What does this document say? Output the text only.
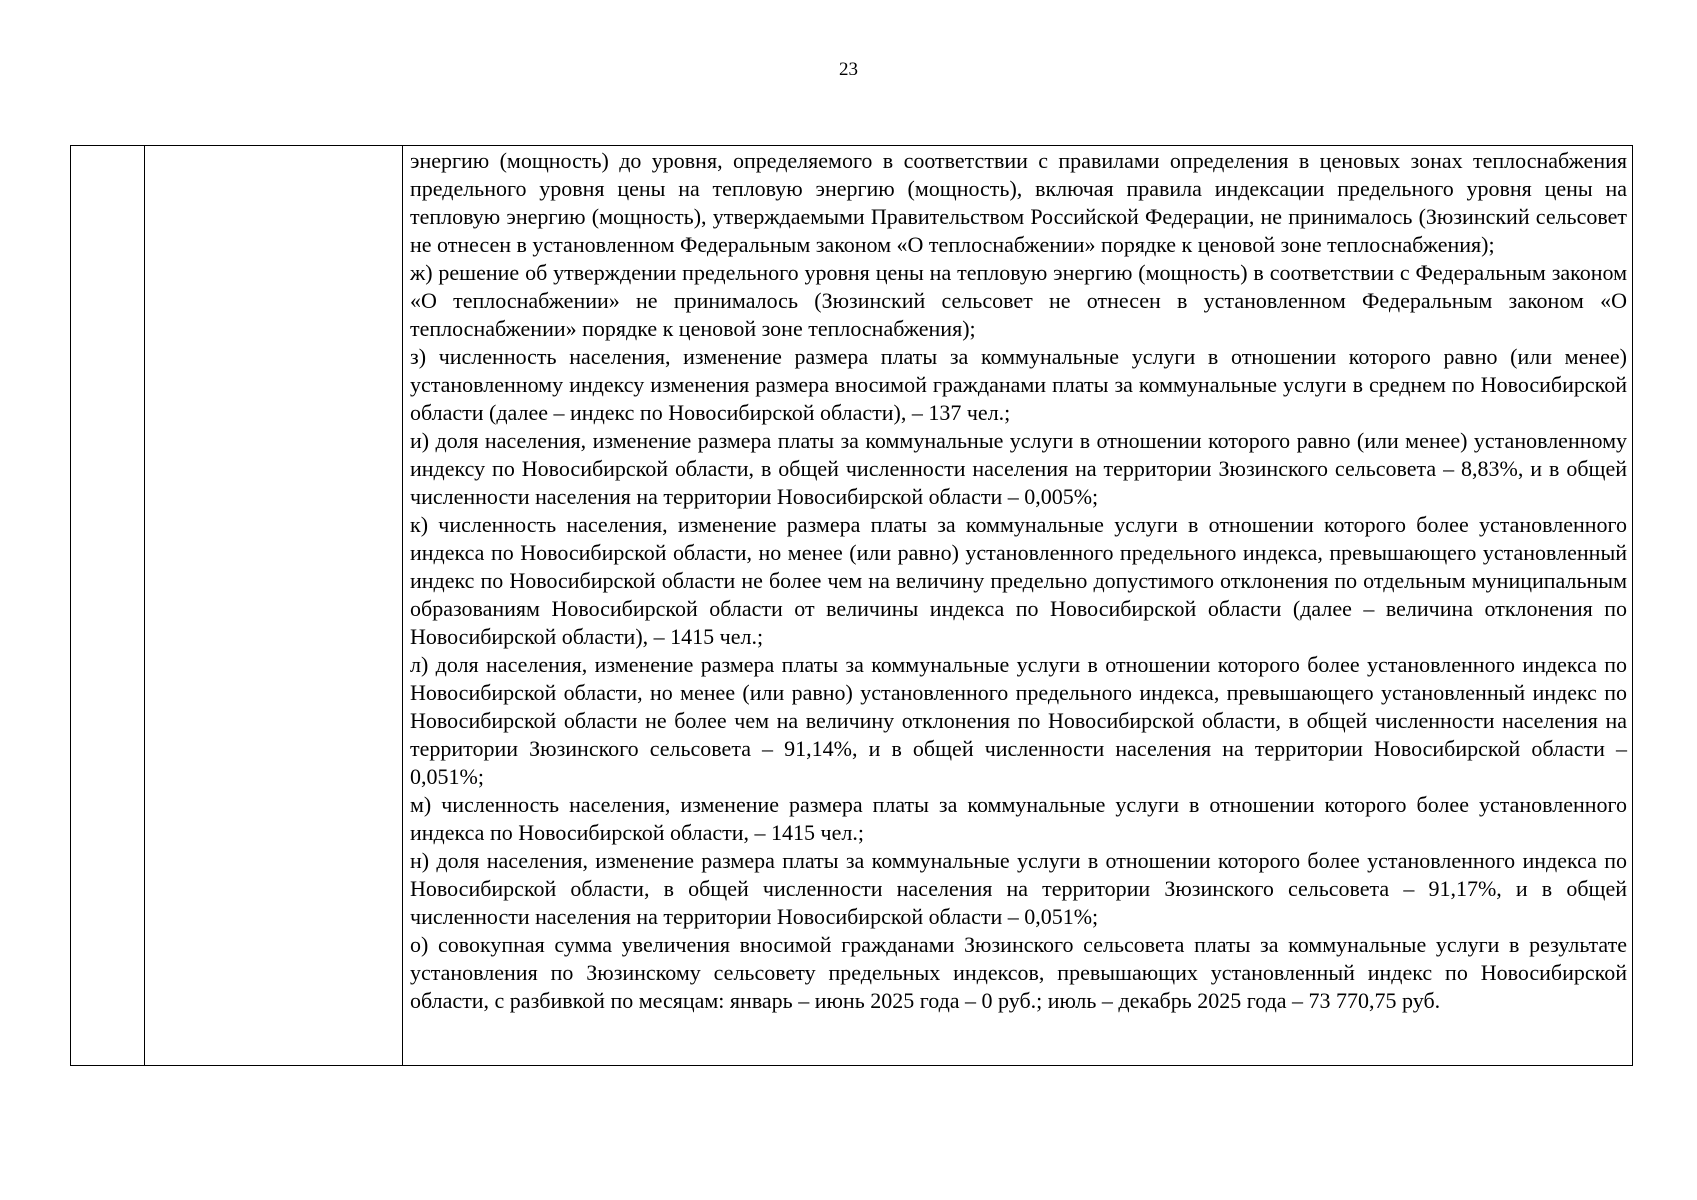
23

энергию (мощность) до уровня, определяемого в соответствии с правилами определения в ценовых зонах теплоснабжения предельного уровня цены на тепловую энергию (мощность), включая правила индексации предельного уровня цены на тепловую энергию (мощность), утверждаемыми Правительством Российской Федерации, не принималось (Зюзинский сельсовет не отнесен в установленном Федеральным законом «О теплоснабжении» порядке к ценовой зоне теплоснабжения);

ж) решение об утверждении предельного уровня цены на тепловую энергию (мощность) в соответствии с Федеральным законом «О теплоснабжении» не принималось (Зюзинский сельсовет не отнесен в установленном Федеральным законом «О теплоснабжении» порядке к ценовой зоне теплоснабжения);

з) численность населения, изменение размера платы за коммунальные услуги в отношении которого равно (или менее) установленному индексу изменения размера вносимой гражданами платы за коммунальные услуги в среднем по Новосибирской области (далее – индекс по Новосибирской области), – 137 чел.;

и) доля населения, изменение размера платы за коммунальные услуги в отношении которого равно (или менее) установленному индексу по Новосибирской области, в общей численности населения на территории Зюзинского сельсовета – 8,83%, и в общей численности населения на территории Новосибирской области – 0,005%;

к) численность населения, изменение размера платы за коммунальные услуги в отношении которого более установленного индекса по Новосибирской области, но менее (или равно) установленного предельного индекса, превышающего установленный индекс по Новосибирской области не более чем на величину предельно допустимого отклонения по отдельным муниципальным образованиям Новосибирской области от величины индекса по Новосибирской области (далее – величина отклонения по Новосибирской области), – 1415 чел.;

л) доля населения, изменение размера платы за коммунальные услуги в отношении которого более установленного индекса по Новосибирской области, но менее (или равно) установленного предельного индекса, превышающего установленный индекс по Новосибирской области не более чем на величину отклонения по Новосибирской области, в общей численности населения на территории Зюзинского сельсовета – 91,14%, и в общей численности населения на территории Новосибирской области – 0,051%;

м) численность населения, изменение размера платы за коммунальные услуги в отношении которого более установленного индекса по Новосибирской области, – 1415 чел.;

н) доля населения, изменение размера платы за коммунальные услуги в отношении которого более установленного индекса по Новосибирской области, в общей численности населения на территории Зюзинского сельсовета – 91,17%, и в общей численности населения на территории Новосибирской области – 0,051%;

о) совокупная сумма увеличения вносимой гражданами Зюзинского сельсовета платы за коммунальные услуги в результате установления по Зюзинскому сельсовету предельных индексов, превышающих установленный индекс по Новосибирской области, с разбивкой по месяцам: январь – июнь 2025 года – 0 руб.; июль – декабрь 2025 года – 73 770,75 руб.
